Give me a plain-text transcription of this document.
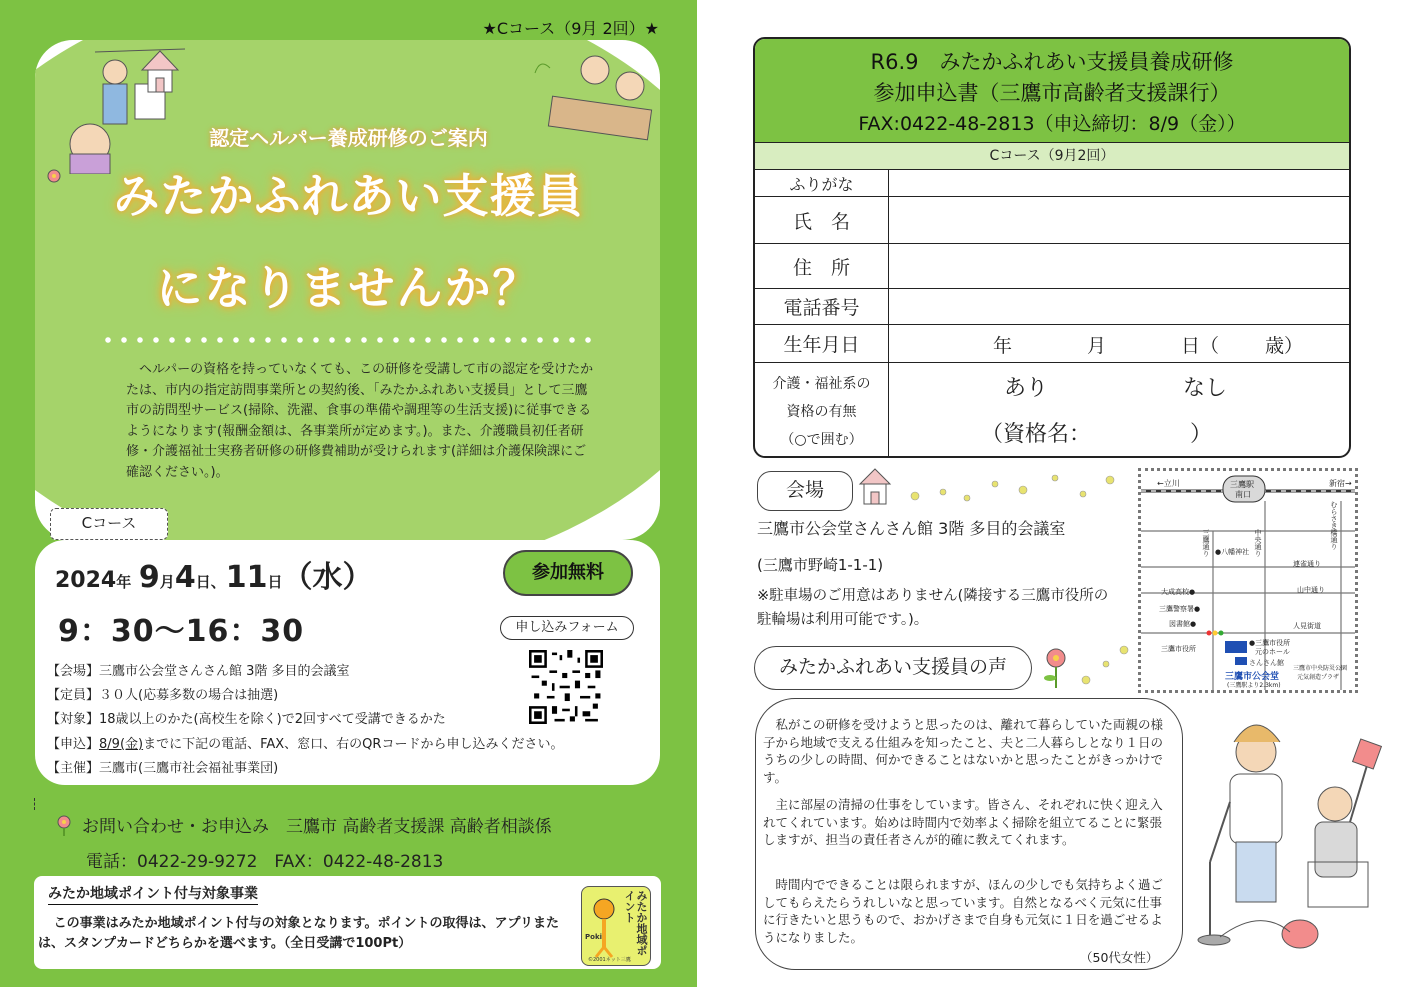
★Cコース（9月 2回）★
認定ヘルパー養成研修のご案内
みたかふれあい支援員
になりませんか？
ヘルパーの資格を持っていなくても、この研修を受講して市の認定を受けたかたは、市内の指定訪問事業所との契約後、「みたかふれあい支援員」として三鷹市の訪問型サービス(掃除、洗濯、食事の準備や調理等の生活支援)に従事できるようになります(報酬金額は、各事業所が定めます。)。また、介護職員初任者研修・介護福祉士実務者研修の研修費補助が受けられます(詳細は介護保険課にご確認ください。)。
Cコース
2024年 9月4日、11日（水）	参加無料
9：30〜16：30	申し込みフォーム
【会場】三鷹市公会堂さんさん館 3階 多目的会議室
【定員】３０人(応募多数の場合は抽選)
【対象】18歳以上のかた(高校生を除く)で2回すべて受講できるかた
【申込】8/9(金)までに下記の電話、FAX、窓口、右のQRコードから申し込みください。
【主催】三鷹市(三鷹市社会福祉事業団)
お問い合わせ・お申込み　三鷹市 高齢者支援課 高齢者相談係
電話：0422-29-9272　FAX：0422-48-2813
みたか地域ポイント付与対象事業
この事業はみたか地域ポイント付与の対象となります。ポイントの取得は、アプリまたは、スタンプカードどちらかを選べます。（全日受講で100Pt）	みたか地域ポイント
Poki
©2001ネット三鷹
R6.9　みたかふれあい支援員養成研修
参加申込書（三鷹市高齢者支援課行）
FAX:0422-48-2813（申込締切：8/9（金））
Cコース（9月2回）
ふりがな
氏　名
住　所
電話番号
生年月日	年	月	日（ 歳）
介護・福祉系の
資格の有無
（○で囲む）
あり	なし
（資格名：　　　　　）
会場
三鷹市公会堂さんさん館 3階 多目的会議室
(三鷹市野崎1-1-1)
※駐車場のご用意はありません(隣接する三鷹市役所の駐輪場は利用可能です。)。
←立川	新宿→
三鷹駅
南口
三鷹通り	中央通り	むらさき橋通り
連雀通り
山中通り
人見街道
●八幡神社
大成高校●
三鷹警察署●
図書館●
三鷹市役所
●三鷹市役所
元のホール
さんさん館
三鷹市公会堂
(三鷹駅より2.3km)
三鷹市中央防災公園
元気創造プラザ
みたかふれあい支援員の声
私がこの研修を受けようと思ったのは、離れて暮らしていた両親の様子から地域で支える仕組みを知ったこと、夫と二人暮らしとなり１日のうちの少しの時間、何かできることはないかと思ったことがきっかけです。
主に部屋の清掃の仕事をしています。皆さん、それぞれに快く迎え入れてくれています。始めは時間内で効率よく掃除を組立てることに緊張しますが、担当の責任者さんが的確に教えてくれます。
時間内でできることは限られますが、ほんの少しでも気持ちよく過ごしてもらえたらうれしいなと思っています。自然となるべく元気に仕事に行きたいと思うもので、おかげさまで自身も元気に１日を過ごせるようになりました。
（50代女性）
